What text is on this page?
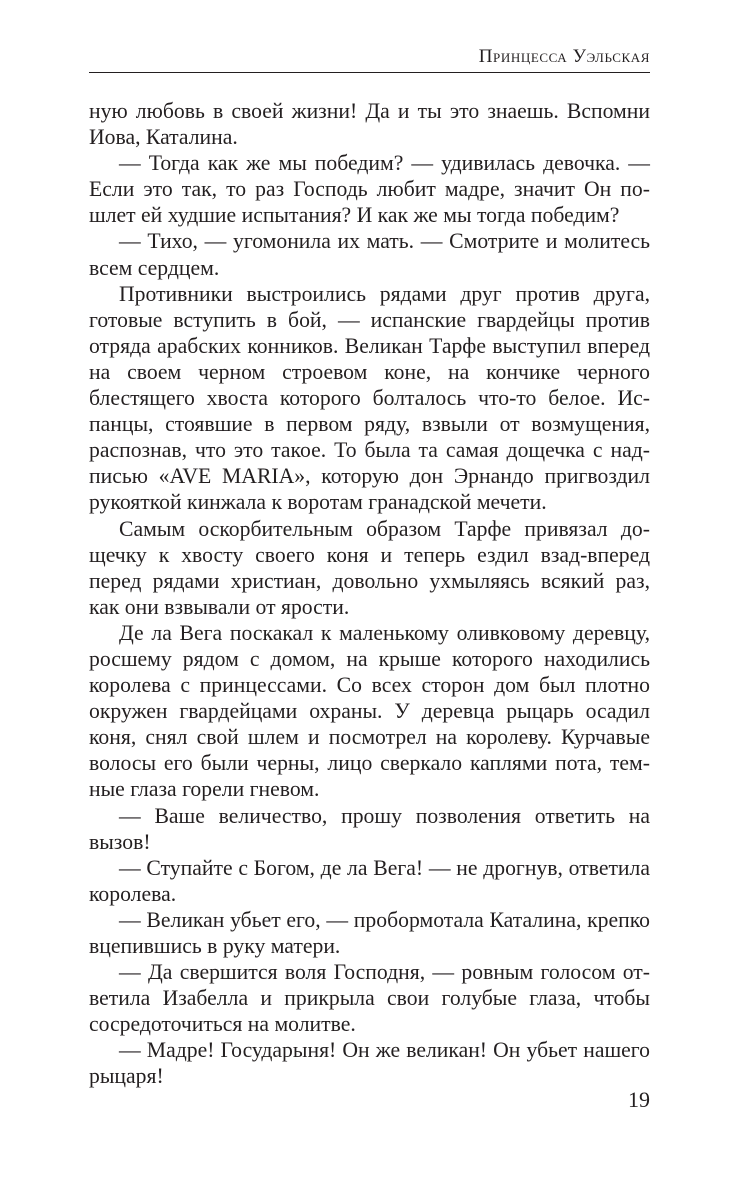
Принцесса Уэльская

ную любовь в своей жизни! Да и ты это знаешь. Вспомни Иова, Каталина.

— Тогда как же мы победим? — удивилась девочка. — Если это так, то раз Господь любит мадре, значит Он пошлет ей худшие испытания? И как же мы тогда победим?

— Тихо, — угомонила их мать. — Смотрите и молитесь всем сердцем.

Противники выстроились рядами друг против друга, готовые вступить в бой, — испанские гвардейцы против отряда арабских конников. Великан Тарфе выступил вперед на своем черном строевом коне, на кончике черного блестящего хвоста которого болталось что-то белое. Испанцы, стоявшие в первом ряду, взвыли от возмущения, распознав, что это такое. То была та самая дощечка с надписью «AVE MARIA», которую дон Эрнандо пригвоздил рукояткой кинжала к воротам гранадской мечети.

Самым оскорбительным образом Тарфе привязал дощечку к хвосту своего коня и теперь ездил взад-вперед перед рядами христиан, довольно ухмыляясь всякий раз, как они взвывали от ярости.

Де ла Вега поскакал к маленькому оливковому деревцу, росшему рядом с домом, на крыше которого находились королева с принцессами. Со всех сторон дом был плотно окружен гвардейцами охраны. У деревца рыцарь осадил коня, снял свой шлем и посмотрел на королеву. Курчавые волосы его были черны, лицо сверкало каплями пота, темные глаза горели гневом.

— Ваше величество, прошу позволения ответить на вызов!

— Ступайте с Богом, де ла Вега! — не дрогнув, ответила королева.

— Великан убьет его, — пробормотала Каталина, крепко вцепившись в руку матери.

— Да свершится воля Господня, — ровным голосом ответила Изабелла и прикрыла свои голубые глаза, чтобы сосредоточиться на молитве.

— Мадре! Государыня! Он же великан! Он убьет нашего рыцаря!

19
